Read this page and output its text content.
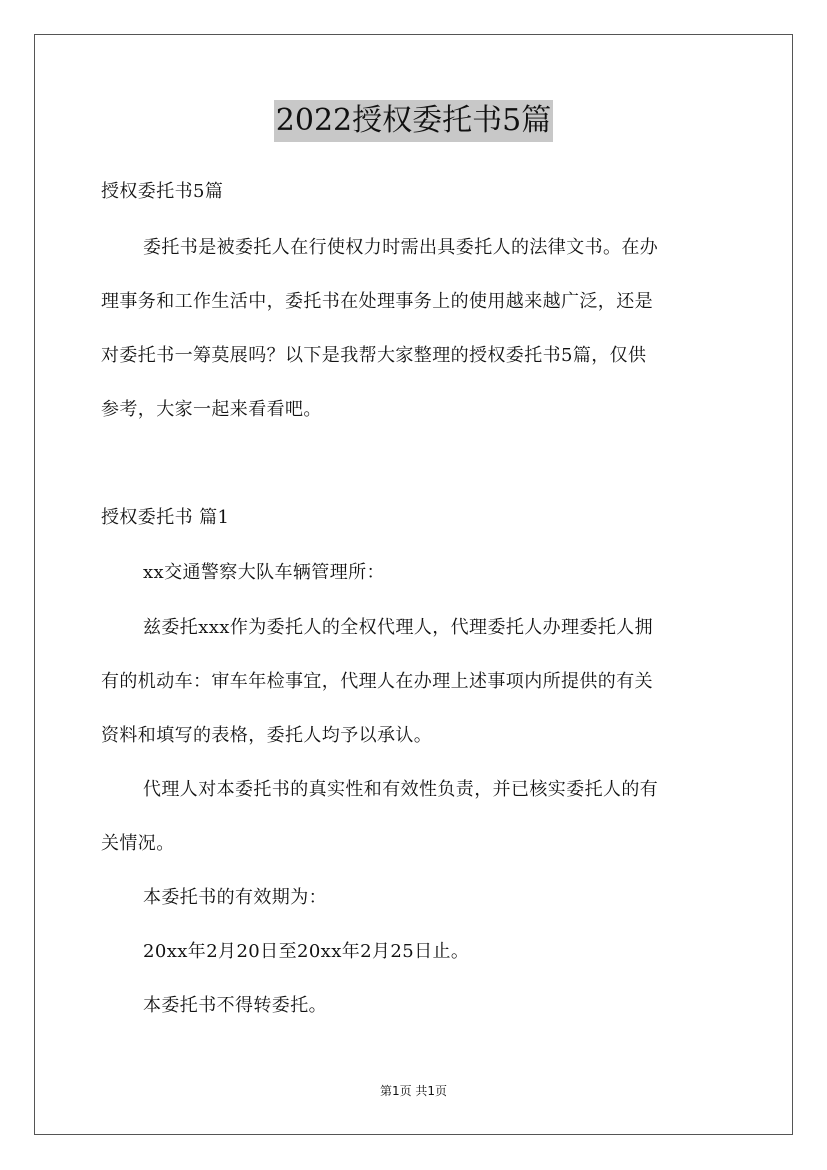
2022授权委托书5篇
授权委托书5篇
委托书是被委托人在行使权力时需出具委托人的法律文书。在办
理事务和工作生活中，委托书在处理事务上的使用越来越广泛，还是
对委托书一筹莫展吗？以下是我帮大家整理的授权委托书5篇，仅供
参考，大家一起来看看吧。
授权委托书 篇1
xx交通警察大队车辆管理所：
兹委托xxx作为委托人的全权代理人，代理委托人办理委托人拥
有的机动车：审车年检事宜，代理人在办理上述事项内所提供的有关
资料和填写的表格，委托人均予以承认。
代理人对本委托书的真实性和有效性负责，并已核实委托人的有
关情况。
本委托书的有效期为：
20xx年2月20日至20xx年2月25日止。
本委托书不得转委托。
第1页 共1页
